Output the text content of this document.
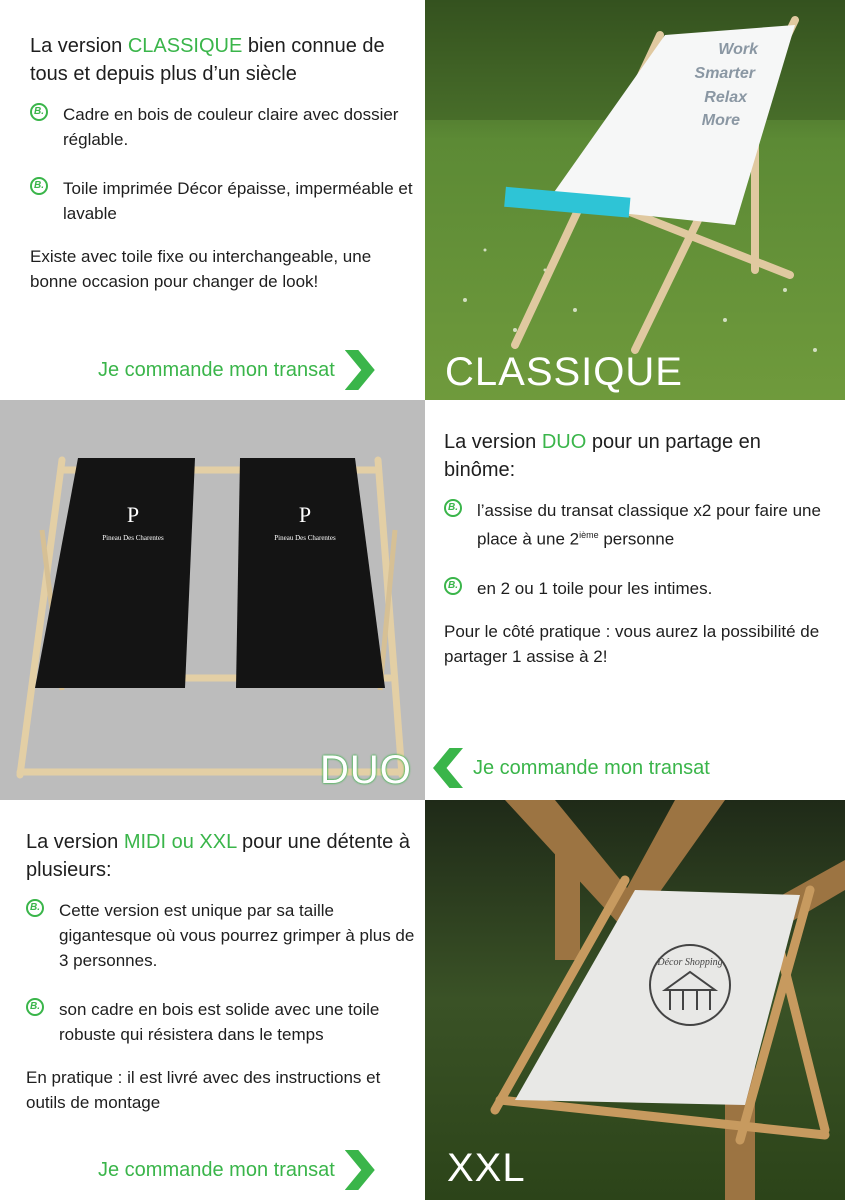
La version CLASSIQUE bien connue de tous et depuis plus d’un siècle
B. Cadre en bois de couleur claire avec dossier réglable.
B. Toile imprimée Décor épaisse, imperméable et lavable
Existe avec toile fixe ou interchangeable, une bonne occasion pour changer de look!
Je commande mon transat
Work
Smarter
Relax
More
CLASSIQUE
P
Pineau Des Charentes
P
Pineau Des Charentes
DUO
La version DUO pour un partage en binôme:
B. l’assise du transat classique x2 pour faire une place à une 2ième personne
B. en 2 ou 1 toile pour les intimes.
Pour le côté pratique : vous aurez la possibilité de partager 1 assise à 2!
Je commande mon transat
La version MIDI ou XXL pour une détente à plusieurs:
B. Cette version est unique par sa taille gigantesque où vous pourrez grimper à plus de 3 personnes.
B. son cadre en bois est solide avec une toile robuste qui résistera dans le temps
En pratique : il est livré avec des instructions et outils de montage
Je commande mon transat
Décor Shopping
XXL
